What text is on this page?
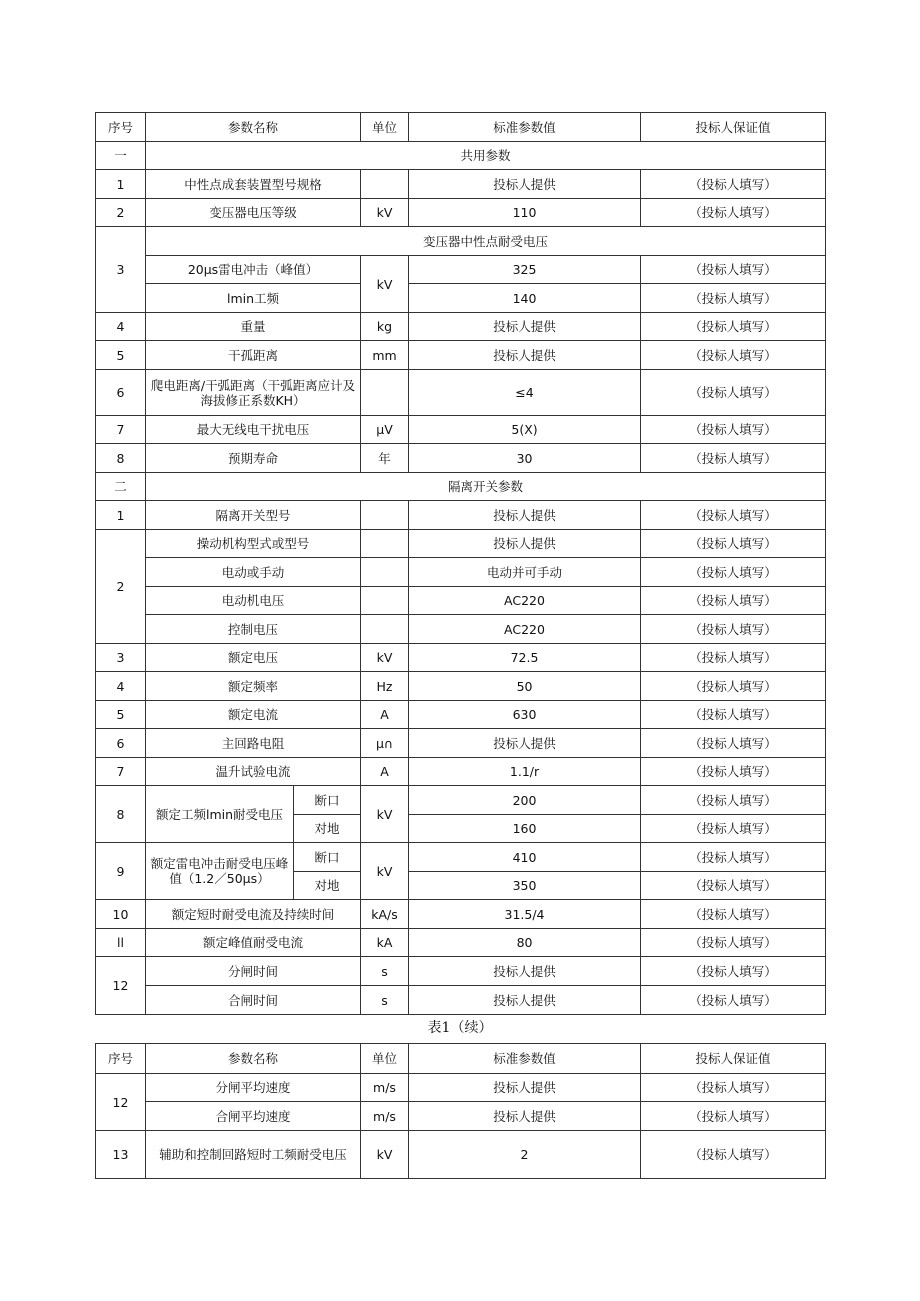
序号	参数名称		单位	标准参数值	投标人保证值
一	共用参数				
1	中性点成套装置型号规格			投标人提供	（投标人填写）
2	变压器电压等级		kV	110	（投标人填写）
3	变压器中性点耐受电压				
	20μs雷电冲击（峰值）		kV	325	（投标人填写）
	lmin工频			140	（投标人填写）
4	重量		kg	投标人提供	（投标人填写）
5	干孤距离		mm	投标人提供	（投标人填写）
6	爬电距离/干弧距离（干弧距离应计及海拔修正系数KH）			≤4	（投标人填写）
7	最大无线电干扰电压		μV	5(X)	（投标人填写）
8	预期寿命		年	30	（投标人填写）
二	隔离开关参数				
1	隔离开关型号			投标人提供	（投标人填写）
2	操动机构型式或型号			投标人提供	（投标人填写）
	电动或手动			电动并可手动	（投标人填写）
	电动机电压			AC220	（投标人填写）
	控制电压			AC220	（投标人填写）
3	额定电压		kV	72.5	（投标人填写）
4	额定频率		Hz	50	（投标人填写）
5	额定电流		A	630	（投标人填写）
6	主回路电阻		μ∩	投标人提供	（投标人填写）
7	温升试验电流		A	1.1/r	（投标人填写）
8	额定工频lmin耐受电压	断口	kV	200	（投标人填写）
		对地		160	（投标人填写）
9	额定雷电冲击耐受电压峰值（1.2／50μs）	断口	kV	410	（投标人填写）
		对地		350	（投标人填写）
10	额定短时耐受电流及持续时间		kA/s	31.5/4	（投标人填写）
ll	额定峰值耐受电流		kA	80	（投标人填写）
12	分闸时间		s	投标人提供	（投标人填写）
	合闸时间		s	投标人提供	（投标人填写）
表1（续）
序号	参数名称	单位	标准参数值	投标人保证值
12	分闸平均速度	m/s	投标人提供	（投标人填写）
	合闸平均速度	m/s	投标人提供	（投标人填写）
13	辅助和控制回路短时工频耐受电压	kV	2	（投标人填写）
